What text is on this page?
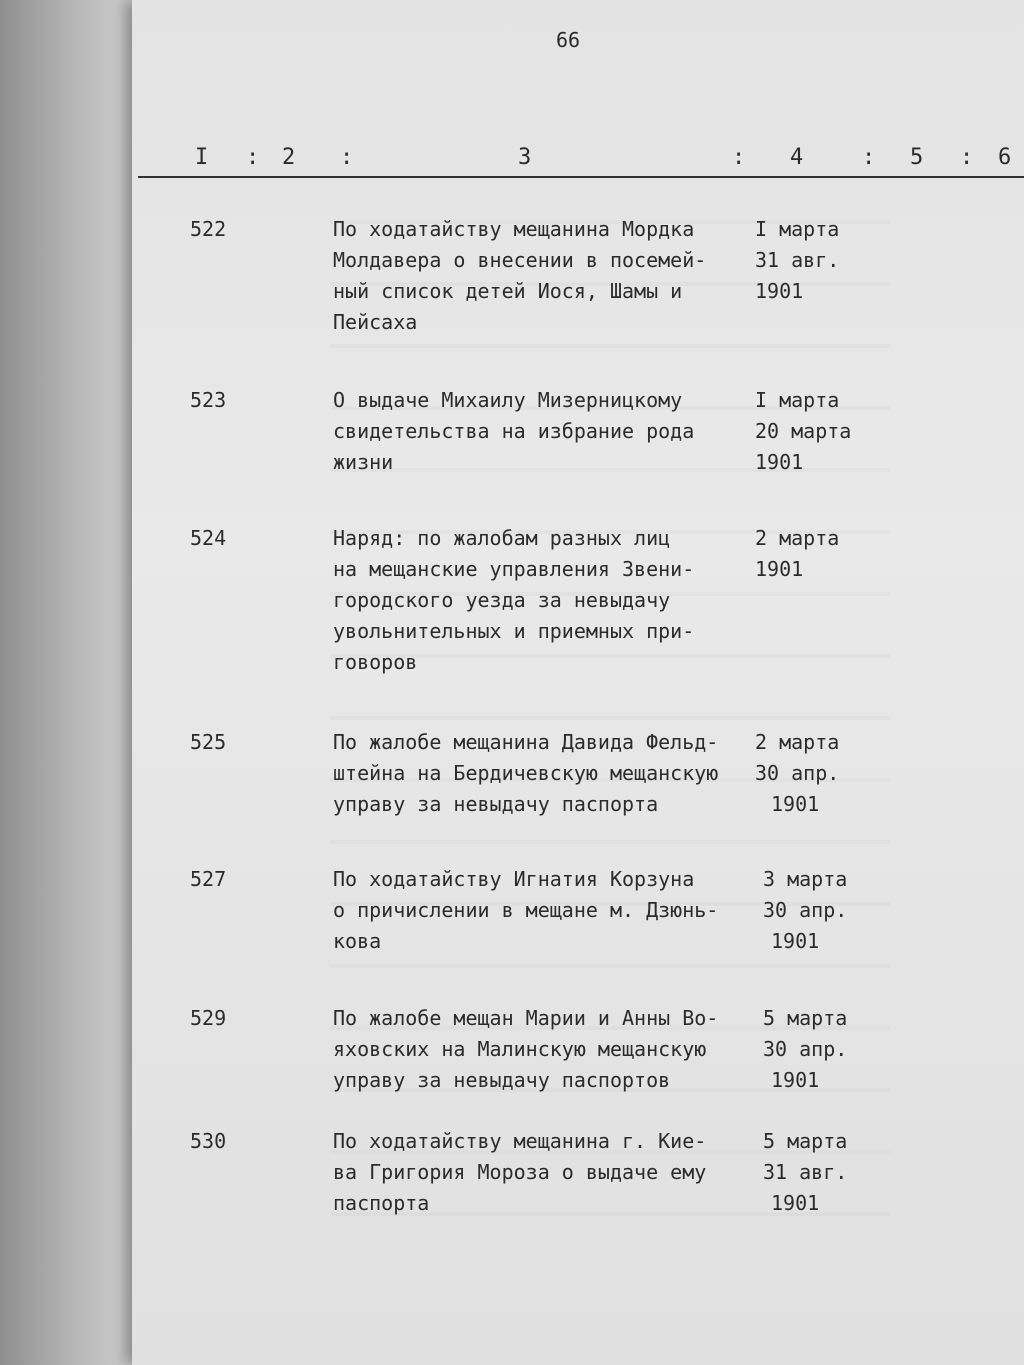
66
I : 2 :	3	: 4	: 5 : 6
522	По ходатайству мещанина Мордка
Молдавера о внесении в посемей-
ный список детей Иося, Шамы и
Пейсаха
I марта
31 авг.
1901
523	О выдаче Михаилу Мизерницкому
свидетельства на избрание рода
жизни
I марта
20 марта
1901
524	Наряд: по жалобам разных лиц
на мещанские управления Звени-
городского уезда за невыдачу
увольнительных и приемных при-
говоров
2 марта
1901
525	По жалобе мещанина Давида Фельд-
штейна на Бердичевскую мещанскую
управу за невыдачу паспорта
2 марта
30 апр.
1901
527	По ходатайству Игнатия Корзуна
о причислении в мещане м. Дзюнь-
кова
3 марта
30 апр.
1901
529	По жалобе мещан Марии и Анны Во-
яховских на Малинскую мещанскую
управу за невыдачу паспортов
5 марта
30 апр.
1901
530	По ходатайству мещанина г. Кие-
ва Григория Мороза о выдаче ему
паспорта
5 марта
31 авг.
1901
